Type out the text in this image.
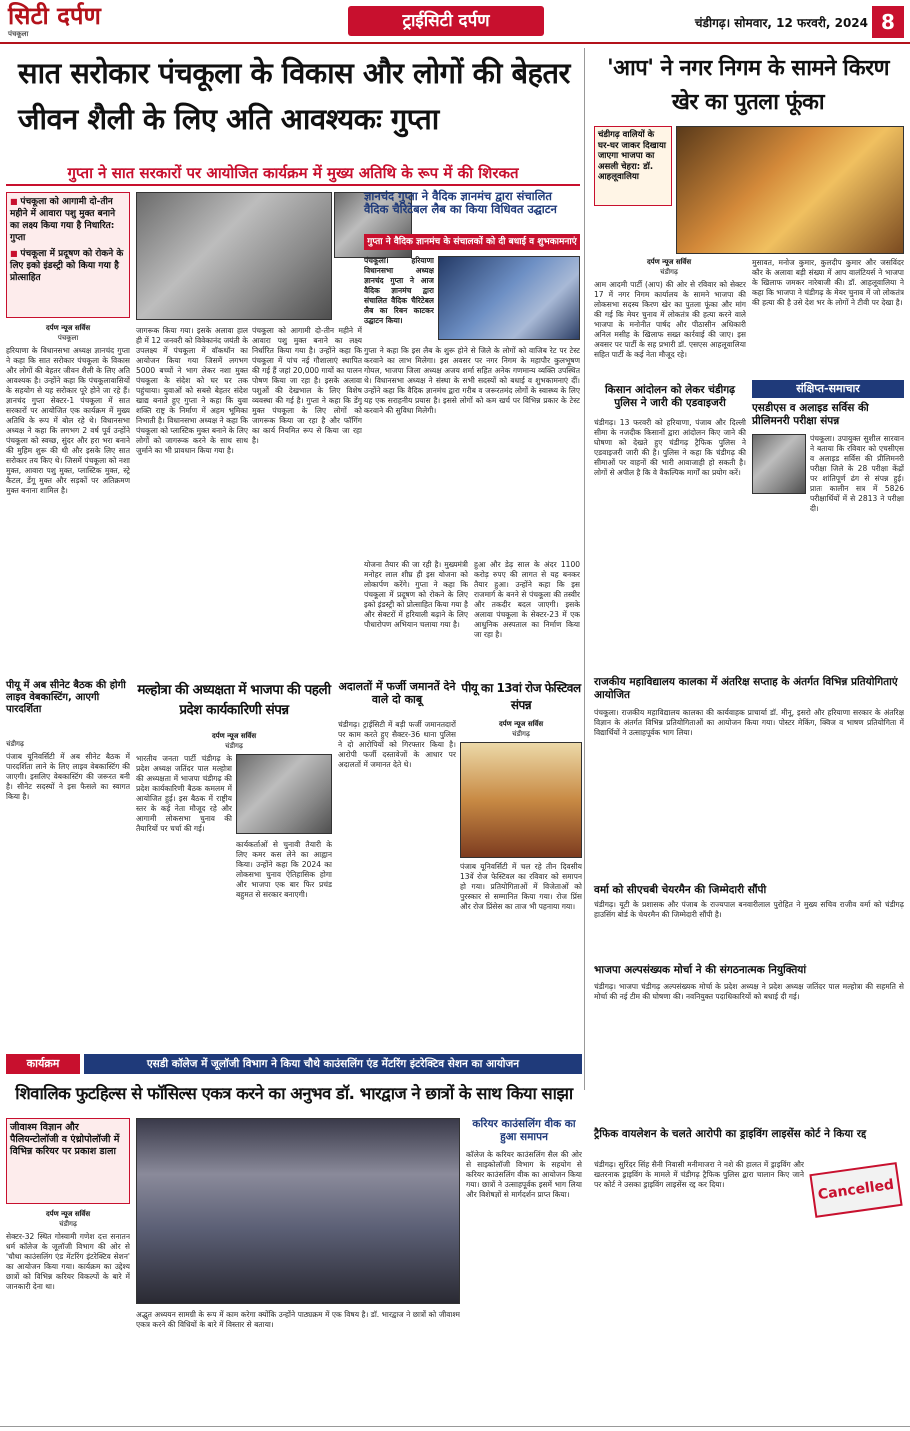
सिटी दर्पण
पंचकूला
ट्राईसिटी दर्पण	चंडीगढ़। सोमवार, 12 फरवरी, 2024 8
सात सरोकार पंचकूला के विकास और लोगों की बेहतर जीवन शैली के लिए अति आवश्यकः गुप्ता
'आप' ने नगर निगम के सामने किरण खेर का पुतला फूंका
गुप्ता ने सात सरकारों पर आयोजित कार्यक्रम में मुख्य अतिथि के रूप में की शिरकत
■ पंचकूला को आगामी दो-तीन महीने में आवारा पशु मुक्त बनाने का लक्ष्य किया गया है निधारित: गुप्ता
■ पंचकूला में प्रदूषण को रोकने के लिए इको इंडस्ट्री को किया गया है प्रोत्साहित
दर्पण न्यूज सर्विस
पंचकूला
हरियाणा के विधानसभा अध्यक्ष ज्ञानचंद गुप्ता ने कहा कि सात सरोकार पंचकूला के विकास और लोगों की बेहतर जीवन शैली के लिए अति आवश्यक है। उन्होंने कहा कि पंचकूलावासियों के सहयोग से यह सरोकार पूरे होने जा रहे हैं। ज्ञानचंद गुप्ता सेक्टर-1 पंचकूला में सात सरकारों पर आयोजित एक कार्यक्रम में मुख्य अतिथि के रूप में बोल रहे थे। विधानसभा अध्यक्ष ने कहा कि लगभग 2 वर्ष पूर्व उन्होंने पंचकूला को स्वच्छ, सुंदर और हरा भरा बनाने की मुहिम शुरू की थी और इसके लिए सात सरोकार तय किए थे। जिसमें पंचकूला को नशा मुक्त, आवारा पशु मुक्त, प्लास्टिक मुक्त, स्ट्रे कैटल, डेंगू मुक्त और सड़कों पर अतिक्रमण मुक्त बनाना शामिल है।
जागरूक किया गया। इसके अलावा हाल ही में 12 जनवरी को विवेकानंद जयंती के उपलक्ष्य में पंचकूला में वॉकथॉन का आयोजन किया गया जिसमें लगभग 5000 बच्चों ने भाग लेकर नशा मुक्त पंचकूला के संदेश को घर घर तक पहुंचाया। युवाओं को सबसे बेहतर संदेश खाद्य बनाते हुए गुप्ता ने कहा कि युवा शक्ति राष्ट्र के निर्माण में अहम भूमिका निभाती है। विधानसभा अध्यक्ष ने कहा कि पंचकूला को प्लास्टिक मुक्त बनाने के लिए लोगों को जागरूक करने के साथ साथ जुर्माने का भी प्रावधान किया गया है।
पंचकूला को आगामी दो-तीन महीने में आवारा पशु मुक्त बनाने का लक्ष्य निर्धारित किया गया है। उन्होंने कहा कि पंचकूला में पांच नई गौशालाएं स्थापित की गई हैं जहां 20,000 गायों का पालन पोषण किया जा रहा है। इसके अलावा पशुओं की देखभाल के लिए विशेष व्यवस्था की गई है। गुप्ता ने कहा कि डेंगू मुक्त पंचकूला के लिए लोगों को जागरूक किया जा रहा है और फॉगिंग का कार्य नियमित रूप से किया जा रहा है।
ज्ञानचंद गुप्ता ने वैदिक ज्ञानमंच द्वारा संचालित वैदिक चैरिटेबल लैब का किया विधिवत उद्घाटन
गुप्ता ने वैदिक ज्ञानमंच के संचालकों को दी बधाई व शुभकामनाएं
पंचकूला। हरियाणा विधानसभा अध्यक्ष ज्ञानचंद गुप्ता ने आज वैदिक ज्ञानमंच द्वारा संचालित वैदिक चैरिटेबल लैब का रिबन काटकर उद्घाटन किया।
गुप्ता ने कहा कि इस लैब के शुरू होने से जिले के लोगों को वाजिब रेट पर टेस्ट करवाने का लाभ मिलेगा। इस अवसर पर नगर निगम के महापौर कुलभूषण गोयल, भाजपा जिला अध्यक्ष अजय शर्मा सहित अनेक गणमान्य व्यक्ति उपस्थित थे। विधानसभा अध्यक्ष ने संस्था के सभी सदस्यों को बधाई व शुभकामनाएं दीं। उन्होंने कहा कि वैदिक ज्ञानमंच द्वारा गरीब व जरूरतमंद लोगों के स्वास्थ्य के लिए यह एक सराहनीय प्रयास है। इससे लोगों को कम खर्च पर विभिन्न प्रकार के टेस्ट करवाने की सुविधा मिलेगी।
योजना तैयार की जा रही है। मुख्यमंत्री मनोहर लाल शीघ्र ही इस योजना को लोकार्पण करेंगे। गुप्ता ने कहा कि पंचकूला में प्रदूषण को रोकने के लिए इको इंडस्ट्री को प्रोत्साहित किया गया है और सेक्टरों में हरियाली बढ़ाने के लिए पौधारोपण अभियान चलाया गया है।
हुआ और डेढ़ साल के अंदर 1100 करोड़ रुपए की लागत से यह बनकर तैयार हुआ। उन्होंने कहा कि इस राजमार्ग के बनने से पंचकूला की तस्वीर और तकदीर बदल जाएगी। इसके अलावा पंचकूला के सेक्टर-23 में एक आधुनिक अस्पताल का निर्माण किया जा रहा है।
चंडीगढ़ वालियों के घर-घर जाकर दिखाया जाएगा भाजपा का असली चेहरा: डॉ. आहलूवालिया
दर्पण न्यूज सर्विस
चंडीगढ़
आम आदमी पार्टी (आप) की ओर से रविवार को सेक्टर 17 में नगर निगम कार्यालय के सामने भाजपा की लोकसभा सदस्य किरण खेर का पुतला फूंका और मांग की गई कि मेयर चुनाव में लोकतंत्र की हत्या करने वाले भाजपा के मनोनीत पार्षद और पीठासीन अधिकारी अनिल मसीह के खिलाफ सख्त कार्रवाई की जाए। इस अवसर पर पार्टी के सह प्रभारी डॉ. एसएस आहलूवालिया सहित पार्टी के कई नेता मौजूद रहे।
मुसावत, मनोज कुमार, कुलदीप कुमार और जसविंदर कौर के अलावा बड़ी संख्या में आप वालंटियर्स ने भाजपा के खिलाफ जमकर नारेबाजी की। डॉ. आहलूवालिया ने कहा कि भाजपा ने चंडीगढ़ के मेयर चुनाव में जो लोकतंत्र की हत्या की है उसे देश भर के लोगों ने टीवी पर देखा है।
किसान आंदोलन को लेकर चंडीगढ़ पुलिस ने जारी की एडवाइजरी
चंडीगढ़। 13 फरवरी को हरियाणा, पंजाब और दिल्ली सीमा के नजदीक किसानों द्वारा आंदोलन किए जाने की घोषणा को देखते हुए चंडीगढ़ ट्रैफिक पुलिस ने एडवाइजरी जारी की है। पुलिस ने कहा कि चंडीगढ़ की सीमाओं पर वाहनों की भारी आवाजाही हो सकती है। लोगों से अपील है कि वे वैकल्पिक मार्गों का प्रयोग करें।
संक्षिप्त-समाचार
एसडीएस व अलाइड सर्विस की प्रीलिमनरी परीक्षा संपन्न
पंचकूला। उपायुक्त सुशील सारवान ने बताया कि रविवार को एचसीएस व अलाइड सर्विस की प्रीलिमनरी परीक्षा जिले के 28 परीक्षा केंद्रों पर शांतिपूर्ण ढंग से संपन्न हुई। प्रातः कालीन सत्र में 5826 परीक्षार्थियों में से 2813 ने परीक्षा दी।
राजकीय महाविद्यालय कालका में अंतरिक्ष सप्ताह के अंतर्गत विभिन्न प्रतियोगिताएं आयोजित
पंचकूला। राजकीय महाविद्यालय कालका की कार्यवाहक प्राचार्या डॉ. मीनू, इसरो और हरियाणा सरकार के अंतरिक्ष विज्ञान के अंतर्गत विभिन्न प्रतियोगिताओं का आयोजन किया गया। पोस्टर मेकिंग, क्विज व भाषण प्रतियोगिता में विद्यार्थियों ने उत्साहपूर्वक भाग लिया।
वर्मा को सीएचबी चेयरमैन की जिम्मेदारी सौंपी
चंडीगढ़। यूटी के प्रशासक और पंजाब के राज्यपाल बनवारीलाल पुरोहित ने मुख्य सचिव राजीव वर्मा को चंडीगढ़ हाउसिंग बोर्ड के चेयरमैन की जिम्मेदारी सौंपी है।
भाजपा अल्पसंख्यक मोर्चा ने की संगठनात्मक नियुक्तियां
चंडीगढ़। भाजपा चंडीगढ़ अल्पसंख्यक मोर्चा के प्रदेश अध्यक्ष ने प्रदेश अध्यक्ष जतिंदर पाल मल्होत्रा की सहमति से मोर्चा की नई टीम की घोषणा की। नवनियुक्त पदाधिकारियों को बधाई दी गई।
ट्रैफिक वायलेशन के चलते आरोपी का ड्राइविंग लाइसेंस कोर्ट ने किया रद्द
चंडीगढ़। सुरिंदर सिंह सैनी निवासी मनीमाजरा ने नशे की हालत में ड्राइविंग और खतरनाक ड्राइविंग के मामले में चंडीगढ़ ट्रैफिक पुलिस द्वारा चालान किए जाने पर कोर्ट ने उसका ड्राइविंग लाइसेंस रद्द कर दिया।	Cancelled
पीयू में अब सीनेट बैठक की होगी लाइव वेबकास्टिंग, आएगी पारदर्शिता
चंडीगढ़
पंजाब यूनिवर्सिटी में अब सीनेट बैठक में पारदर्शिता लाने के लिए लाइव वेबकास्टिंग की जाएगी। इसलिए वेबकास्टिंग की जरूरत बनी है। सीनेट सदस्यों ने इस फैसले का स्वागत किया है।
मल्होत्रा की अध्यक्षता में भाजपा की पहली प्रदेश कार्यकारिणी संपन्न
दर्पण न्यूज सर्विस
चंडीगढ़
भारतीय जनता पार्टी चंडीगढ़ के प्रदेश अध्यक्ष जतिंदर पाल मल्होत्रा की अध्यक्षता में भाजपा चंडीगढ़ की प्रदेश कार्यकारिणी बैठक कमलम में आयोजित हुई। इस बैठक में राष्ट्रीय स्तर के कई नेता मौजूद रहे और आगामी लोकसभा चुनाव की तैयारियों पर चर्चा की गई।
कार्यकर्ताओं से चुनावी तैयारी के लिए कमर कस लेने का आह्वान किया। उन्होंने कहा कि 2024 का लोकसभा चुनाव ऐतिहासिक होगा और भाजपा एक बार फिर प्रचंड बहुमत से सरकार बनाएगी।
अदालतों में फर्जी जमानतें देने वाले दो काबू
चंडीगढ़। ट्राईसिटी में बड़ी फर्जी जमानतदारों पर काम करते हुए सैक्टर-36 थाना पुलिस ने दो आरोपियों को गिरफ्तार किया है। आरोपी फर्जी दस्तावेजों के आधार पर अदालतों में जमानत देते थे।
पीयू का 13वां रोज फेस्टिवल संपन्न
दर्पण न्यूज सर्विस
चंडीगढ़
पंजाब यूनिवर्सिटी में चल रहे तीन दिवसीय 13वें रोज फेस्टिवल का रविवार को समापन हो गया। प्रतियोगिताओं में विजेताओं को पुरस्कार से सम्मानित किया गया। रोज प्रिंस और रोज प्रिंसेस का ताज भी पहनाया गया।
कार्यक्रम	एसडी कॉलेज में जूलॉजी विभाग ने किया चौथे काउंसलिंग एंड मेंटरिंग इंटरेक्टिव सेशन का आयोजन
शिवालिक फुटहिल्स से फॉसिल्स एकत्र करने का अनुभव डॉ. भारद्वाज ने छात्रों के साथ किया साझा
जीवाश्म विज्ञान और पैलियन्टोलॉजी व एंथ्रोपोलॉजी में विभिन्न करियर पर प्रकाश डाला
दर्पण न्यूज सर्विस
चंडीगढ़
सेक्टर-32 स्थित गोस्वामी गणेश दत्त सनातन धर्म कॉलेज के जूलॉजी विभाग की ओर से 'चौथा काउंसलिंग एंड मेंटरिंग इंटरेक्टिव सेशन' का आयोजन किया गया। कार्यक्रम का उद्देश्य छात्रों को विभिन्न करियर विकल्पों के बारे में जानकारी देना था।
अद्भुत अध्ययन सामग्री के रूप में काम करेगा क्योंकि उन्होंने पाठ्यक्रम में एक विषय है। डॉ. भारद्वाज ने छात्रों को जीवाश्म एकत्र करने की विधियों के बारे में विस्तार से बताया।
करियर काउंसलिंग वीक का हुआ समापन
कॉलेज के करियर काउंसलिंग सैल की ओर से साइकोलॉजी विभाग के सहयोग से करियर काउंसलिंग वीक का आयोजन किया गया। छात्रों ने उत्साहपूर्वक इसमें भाग लिया और विशेषज्ञों से मार्गदर्शन प्राप्त किया।
